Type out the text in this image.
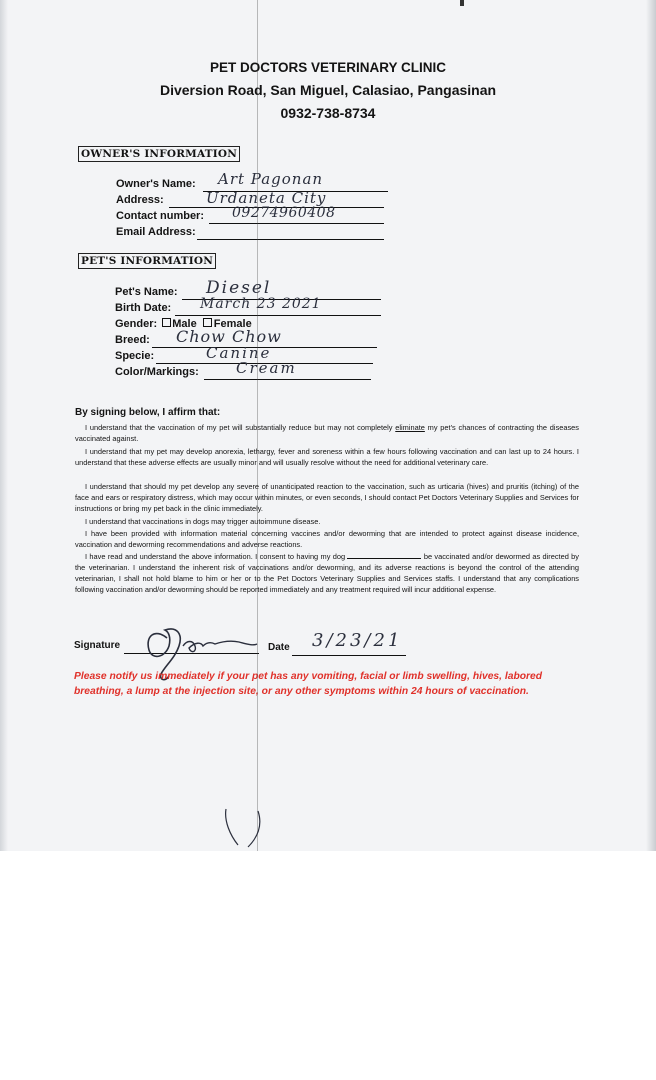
PET DOCTORS VETERINARY CLINIC
Diversion Road, San Miguel, Calasiao, Pangasinan
0932-738-8734
OWNER'S INFORMATION
Owner's Name: Art Pagonan
Address:	Urdaneta City
Contact number: 09274960408
Email Address:
PET'S INFORMATION
Pet's Name: Diesel
Birth Date: March 23 2021
Gender: Male Female
Breed: Chow Chow
Specie:	Canine
Color/Markings: Cream
By signing below, I affirm that:
I understand that the vaccination of my pet will substantially reduce but may not completely eliminate my pet's chances of contracting the diseases vaccinated against.
I understand that my pet may develop anorexia, lethargy, fever and soreness within a few hours following vaccination and can last up to 24 hours. I understand that these adverse effects are usually minor and will usually resolve without the need for additional veterinary care.
I understand that should my pet develop any severe of unanticipated reaction to the vaccination, such as urticaria (hives) and pruritis (itching) of the face and ears or respiratory distress, which may occur within minutes, or even seconds, I should contact Pet Doctors Veterinary Supplies and Services for instructions or bring my pet back in the clinic immediately.
I understand that vaccinations in dogs may trigger autoimmune disease.
I have been provided with information material concerning vaccines and/or deworming that are intended to protect against disease incidence, vaccination and deworming recommendations and adverse reactions.
I have read and understand the above information. I consent to having my dog	be vaccinated and/or dewormed as directed by the veterinarian. I understand the inherent risk of vaccinations and/or deworming, and its adverse reactions is beyond the control of the attending veterinarian, I shall not hold blame to him or her or to the Pet Doctors Veterinary Supplies and Services staffs. I understand that any complications following vaccination and/or deworming should be reported immediately and any treatment required will incur additional expense.
Signature	Date 3/23/21
Please notify us immediately if your pet has any vomiting, facial or limb swelling, hives, labored breathing, a lump at the injection site, or any other symptoms within 24 hours of vaccination.
